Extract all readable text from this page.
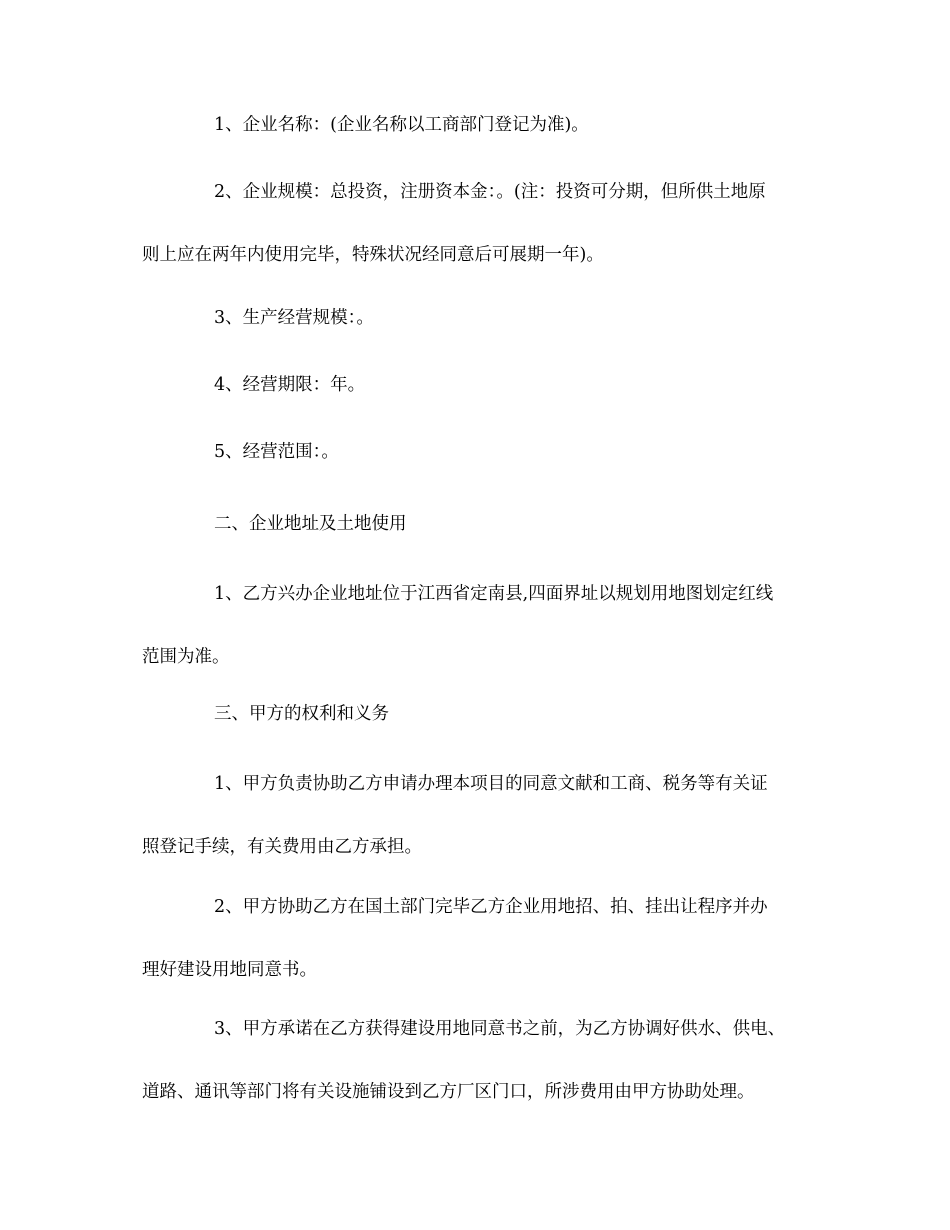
1、企业名称：(企业名称以工商部门登记为准)。

2、企业规模：总投资，注册资本金：。(注：投资可分期，但所供土地原
则上应在两年内使用完毕，特殊状况经同意后可展期一年)。

3、生产经营规模：。

4、经营期限：年。

5、经营范围：。

二、企业地址及土地使用

1、乙方兴办企业地址位于江西省定南县,四面界址以规划用地图划定红线
范围为准。

三、甲方的权利和义务

1、甲方负责协助乙方申请办理本项目的同意文献和工商、税务等有关证
照登记手续，有关费用由乙方承担。

2、甲方协助乙方在国土部门完毕乙方企业用地招、拍、挂出让程序并办
理好建设用地同意书。

3、甲方承诺在乙方获得建设用地同意书之前，为乙方协调好供水、供电、
道路、通讯等部门将有关设施铺设到乙方厂区门口，所涉费用由甲方协助处理。
